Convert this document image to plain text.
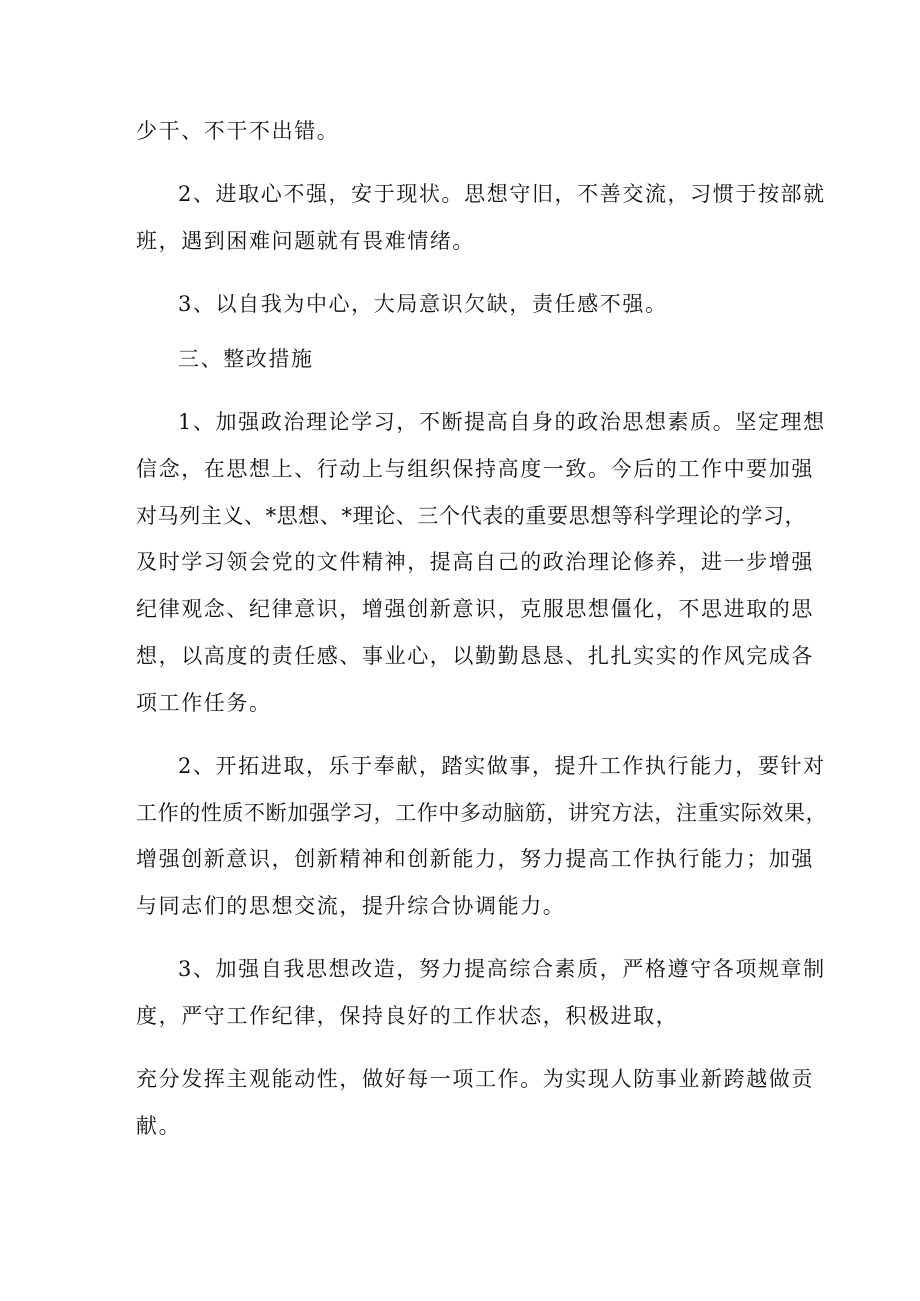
少干、不干不出错。
2、进取心不强，安于现状。思想守旧，不善交流，习惯于按部就
班，遇到困难问题就有畏难情绪。
3、以自我为中心，大局意识欠缺，责任感不强。
三、整改措施
1、加强政治理论学习，不断提高自身的政治思想素质。坚定理想
信念，在思想上、行动上与组织保持高度一致。今后的工作中要加强
对马列主义、*思想、*理论、三个代表的重要思想等科学理论的学习，
及时学习领会党的文件精神，提高自己的政治理论修养，进一步增强
纪律观念、纪律意识，增强创新意识，克服思想僵化，不思进取的思
想，以高度的责任感、事业心，以勤勤恳恳、扎扎实实的作风完成各
项工作任务。
2、开拓进取，乐于奉献，踏实做事，提升工作执行能力，要针对
工作的性质不断加强学习，工作中多动脑筋，讲究方法，注重实际效果，
增强创新意识，创新精神和创新能力，努力提高工作执行能力；加强
与同志们的思想交流，提升综合协调能力。
3、加强自我思想改造，努力提高综合素质，严格遵守各项规章制
度，严守工作纪律，保持良好的工作状态，积极进取，
充分发挥主观能动性，做好每一项工作。为实现人防事业新跨越做贡
献。
